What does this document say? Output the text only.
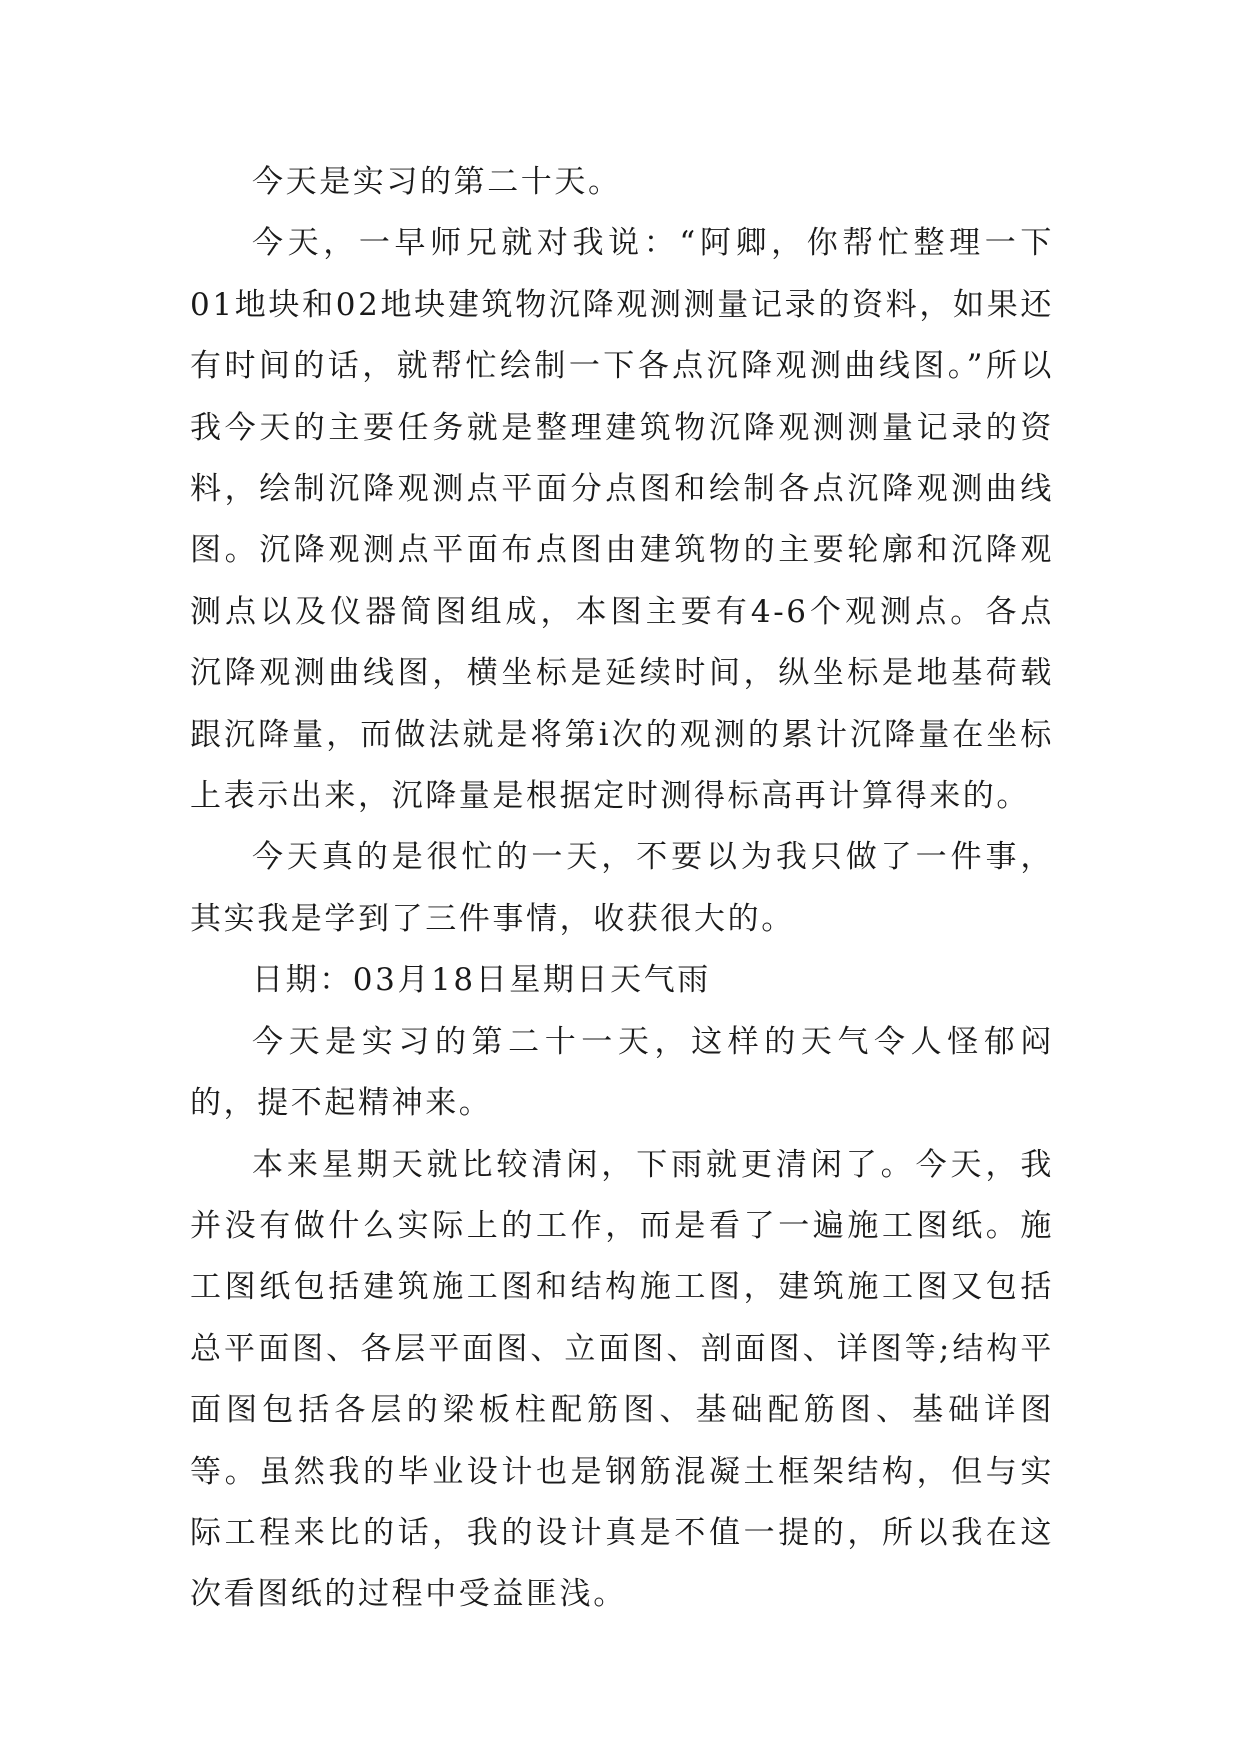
今天是实习的第二十天。

今天，一早师兄就对我说：“阿卿，你帮忙整理一下01地块和02地块建筑物沉降观测测量记录的资料，如果还有时间的话，就帮忙绘制一下各点沉降观测曲线图。”所以我今天的主要任务就是整理建筑物沉降观测测量记录的资料，绘制沉降观测点平面分点图和绘制各点沉降观测曲线图。沉降观测点平面布点图由建筑物的主要轮廓和沉降观测点以及仪器简图组成，本图主要有4-6个观测点。各点沉降观测曲线图，横坐标是延续时间，纵坐标是地基荷载跟沉降量，而做法就是将第i次的观测的累计沉降量在坐标上表示出来，沉降量是根据定时测得标高再计算得来的。

今天真的是很忙的一天，不要以为我只做了一件事，其实我是学到了三件事情，收获很大的。

日期：03月18日星期日天气雨

今天是实习的第二十一天，这样的天气令人怪郁闷的，提不起精神来。

本来星期天就比较清闲，下雨就更清闲了。今天，我并没有做什么实际上的工作，而是看了一遍施工图纸。施工图纸包括建筑施工图和结构施工图，建筑施工图又包括总平面图、各层平面图、立面图、剖面图、详图等;结构平面图包括各层的梁板柱配筋图、基础配筋图、基础详图等。虽然我的毕业设计也是钢筋混凝土框架结构，但与实际工程来比的话，我的设计真是不值一提的，所以我在这次看图纸的过程中受益匪浅。
